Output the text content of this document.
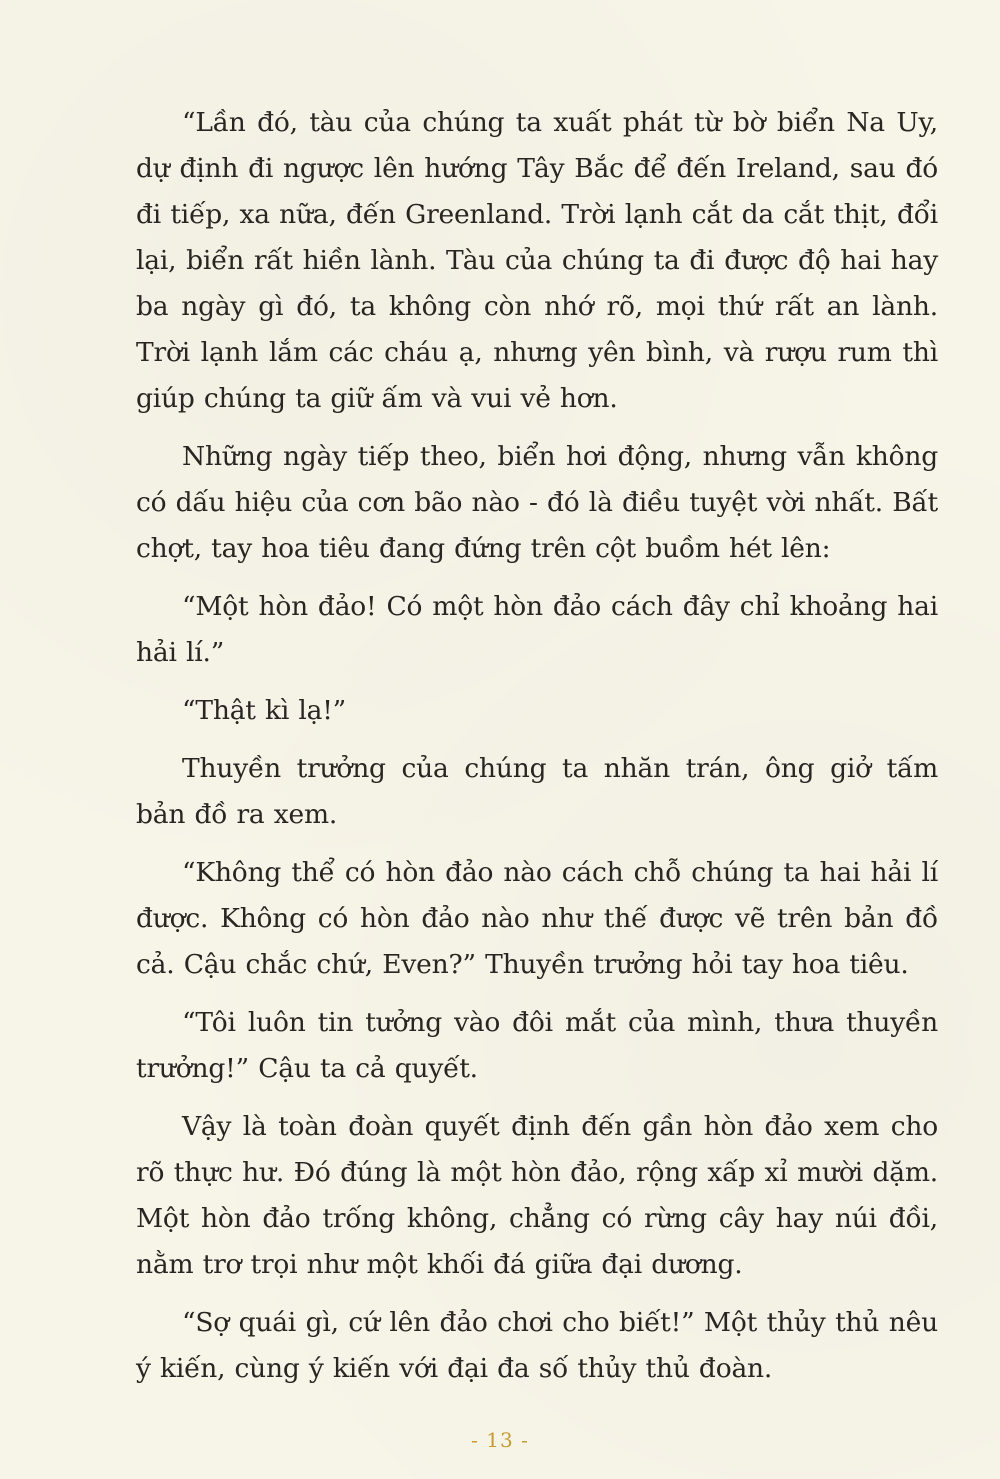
“Lần đó, tàu của chúng ta xuất phát từ bờ biển Na Uy, dự định đi ngược lên hướng Tây Bắc để đến Ireland, sau đó đi tiếp, xa nữa, đến Greenland. Trời lạnh cắt da cắt thịt, đổi lại, biển rất hiền lành. Tàu của chúng ta đi được độ hai hay ba ngày gì đó, ta không còn nhớ rõ, mọi thứ rất an lành. Trời lạnh lắm các cháu ạ, nhưng yên bình, và rượu rum thì giúp chúng ta giữ ấm và vui vẻ hơn.

Những ngày tiếp theo, biển hơi động, nhưng vẫn không có dấu hiệu của cơn bão nào - đó là điều tuyệt vời nhất. Bất chợt, tay hoa tiêu đang đứng trên cột buồm hét lên:

“Một hòn đảo! Có một hòn đảo cách đây chỉ khoảng hai hải lí.”

“Thật kì lạ!”

Thuyền trưởng của chúng ta nhăn trán, ông giở tấm bản đồ ra xem.

“Không thể có hòn đảo nào cách chỗ chúng ta hai hải lí được. Không có hòn đảo nào như thế được vẽ trên bản đồ cả. Cậu chắc chứ, Even?” Thuyền trưởng hỏi tay hoa tiêu.

“Tôi luôn tin tưởng vào đôi mắt của mình, thưa thuyền trưởng!” Cậu ta cả quyết.

Vậy là toàn đoàn quyết định đến gần hòn đảo xem cho rõ thực hư. Đó đúng là một hòn đảo, rộng xấp xỉ mười dặm. Một hòn đảo trống không, chẳng có rừng cây hay núi đồi, nằm trơ trọi như một khối đá giữa đại dương.

“Sợ quái gì, cứ lên đảo chơi cho biết!” Một thủy thủ nêu ý kiến, cùng ý kiến với đại đa số thủy thủ đoàn.

- 13 -
